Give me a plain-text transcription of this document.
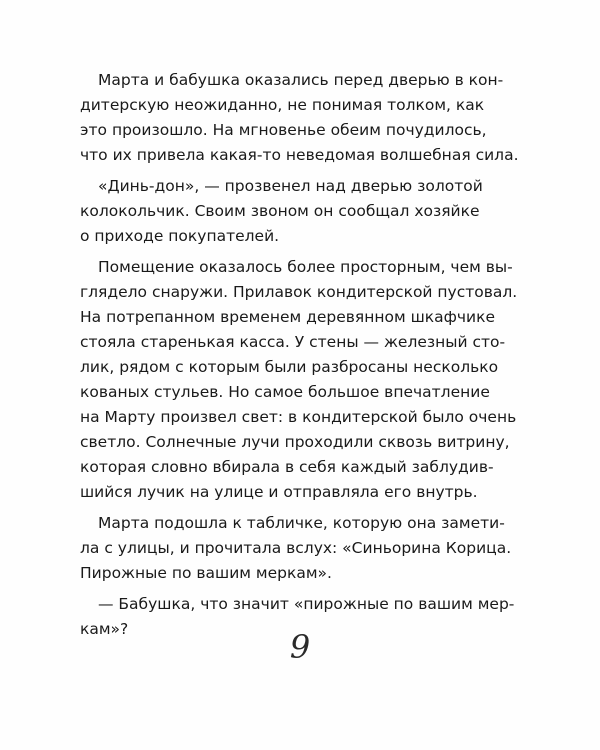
Марта и бабушка оказались перед дверью в кон-
дитерскую неожиданно, не понимая толком, как
это произошло. На мгновенье обеим почудилось,
что их привела какая-то неведомая волшебная сила.
«Динь-дон», — прозвенел над дверью золотой
колокольчик. Своим звоном он сообщал хозяйке
о приходе покупателей.
Помещение оказалось более просторным, чем вы-
глядело снаружи. Прилавок кондитерской пустовал.
На потрепанном временем деревянном шкафчике
стояла старенькая касса. У стены — железный сто-
лик, рядом с которым были разбросаны несколько
кованых стульев. Но самое большое впечатление
на Марту произвел свет: в кондитерской было очень
светло. Солнечные лучи проходили сквозь витрину,
которая словно вбирала в себя каждый заблудив-
шийся лучик на улице и отправляла его внутрь.
Марта подошла к табличке, которую она замети-
ла с улицы, и прочитала вслух: «Синьорина Корица.
Пирожные по вашим меркам».
— Бабушка, что значит «пирожные по вашим мер-
кам»?	9
